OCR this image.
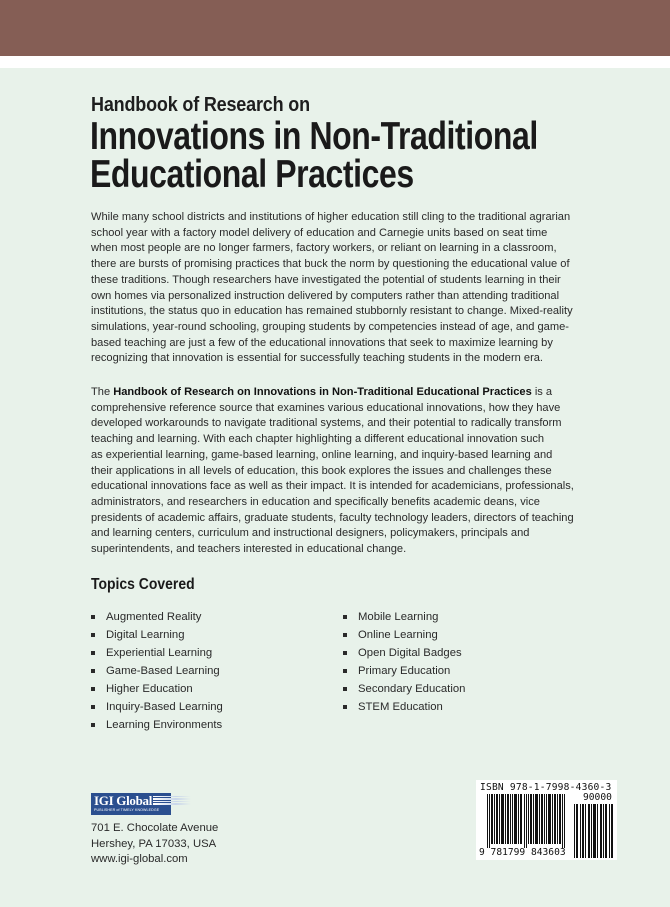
Handbook of Research on
Innovations in Non-Traditional
Educational Practices
While many school districts and institutions of higher education still cling to the traditional agrarian
school year with a factory model delivery of education and Carnegie units based on seat time
when most people are no longer farmers, factory workers, or reliant on learning in a classroom,
there are bursts of promising practices that buck the norm by questioning the educational value of
these traditions. Though researchers have investigated the potential of students learning in their
own homes via personalized instruction delivered by computers rather than attending traditional
institutions, the status quo in education has remained stubbornly resistant to change. Mixed-reality
simulations, year-round schooling, grouping students by competencies instead of age, and game-
based teaching are just a few of the educational innovations that seek to maximize learning by
recognizing that innovation is essential for successfully teaching students in the modern era.
The Handbook of Research on Innovations in Non-Traditional Educational Practices is a
comprehensive reference source that examines various educational innovations, how they have
developed workarounds to navigate traditional systems, and their potential to radically transform
teaching and learning. With each chapter highlighting a different educational innovation such
as experiential learning, game-based learning, online learning, and inquiry-based learning and
their applications in all levels of education, this book explores the issues and challenges these
educational innovations face as well as their impact. It is intended for academicians, professionals,
administrators, and researchers in education and specifically benefits academic deans, vice
presidents of academic affairs, graduate students, faculty technology leaders, directors of teaching
and learning centers, curriculum and instructional designers, policymakers, principals and
superintendents, and teachers interested in educational change.
Topics Covered
Augmented Reality
Digital Learning
Experiential Learning
Game-Based Learning
Higher Education
Inquiry-Based Learning
Learning Environments
Mobile Learning
Online Learning
Open Digital Badges
Primary Education
Secondary Education
STEM Education
IGI Global
PUBLISHER of TIMELY KNOWLEDGE
701 E. Chocolate Avenue
Hershey, PA 17033, USA
www.igi-global.com
ISBN 978-1-7998-4360-3
90000
9 781799 843603
